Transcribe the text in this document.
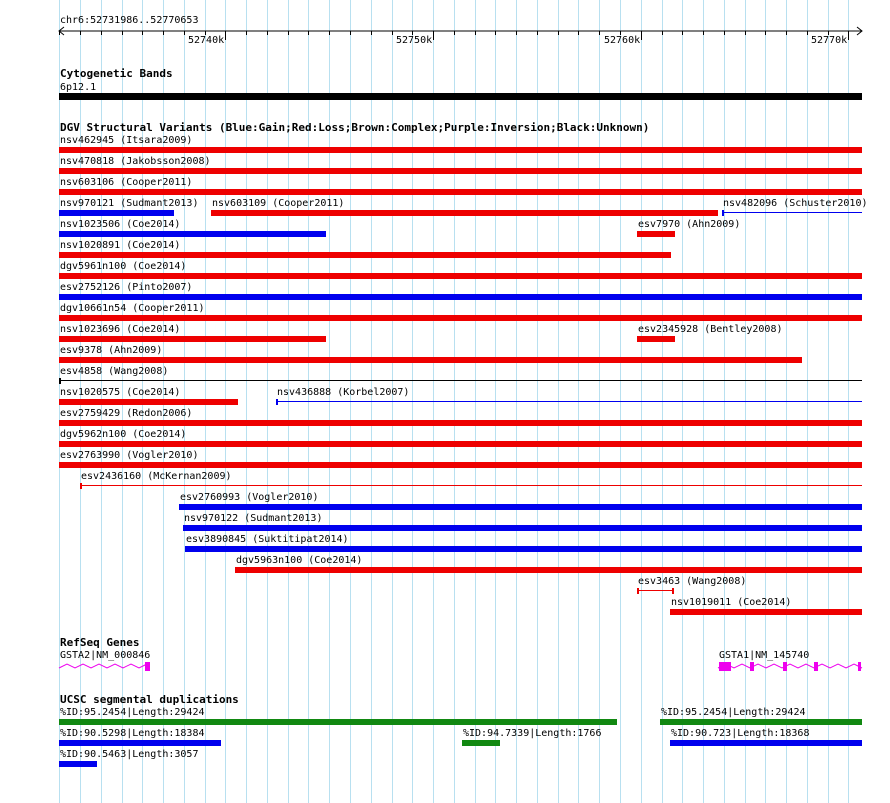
chr6:52731986..52770653
52740k	52750k	52760k	52770k
Cytogenetic Bands
6p12.1
DGV Structural Variants (Blue:Gain;Red:Loss;Brown:Complex;Purple:Inversion;Black:Unknown)
nsv462945 (Itsara2009)
nsv470818 (Jakobsson2008)
nsv603106 (Cooper2011)
nsv970121 (Sudmant2013) nsv603109 (Cooper2011)	nsv482096 (Schuster2010)
nsv1023506 (Coe2014)	esv7970 (Ahn2009)
nsv1020891 (Coe2014)
dgv5961n100 (Coe2014)
esv2752126 (Pinto2007)
dgv10661n54 (Cooper2011)
nsv1023696 (Coe2014)	esv2345928 (Bentley2008)
esv9378 (Ahn2009)
esv4858 (Wang2008)
nsv1020575 (Coe2014)	nsv436888 (Korbel2007)
esv2759429 (Redon2006)
dgv5962n100 (Coe2014)
esv2763990 (Vogler2010)
esv2436160 (McKernan2009)
esv2760993 (Vogler2010)
nsv970122 (Sudmant2013)
esv3890845 (Suktitipat2014)
dgv5963n100 (Coe2014)
esv3463 (Wang2008)
nsv1019011 (Coe2014)
RefSeq Genes
GSTA2|NM_000846	GSTA1|NM_145740
UCSC segmental duplications
%ID:95.2454|Length:29424	%ID:95.2454|Length:29424
%ID:90.5298|Length:18384	%ID:94.7339|Length:1766	%ID:90.723|Length:18368
%ID:90.5463|Length:3057
